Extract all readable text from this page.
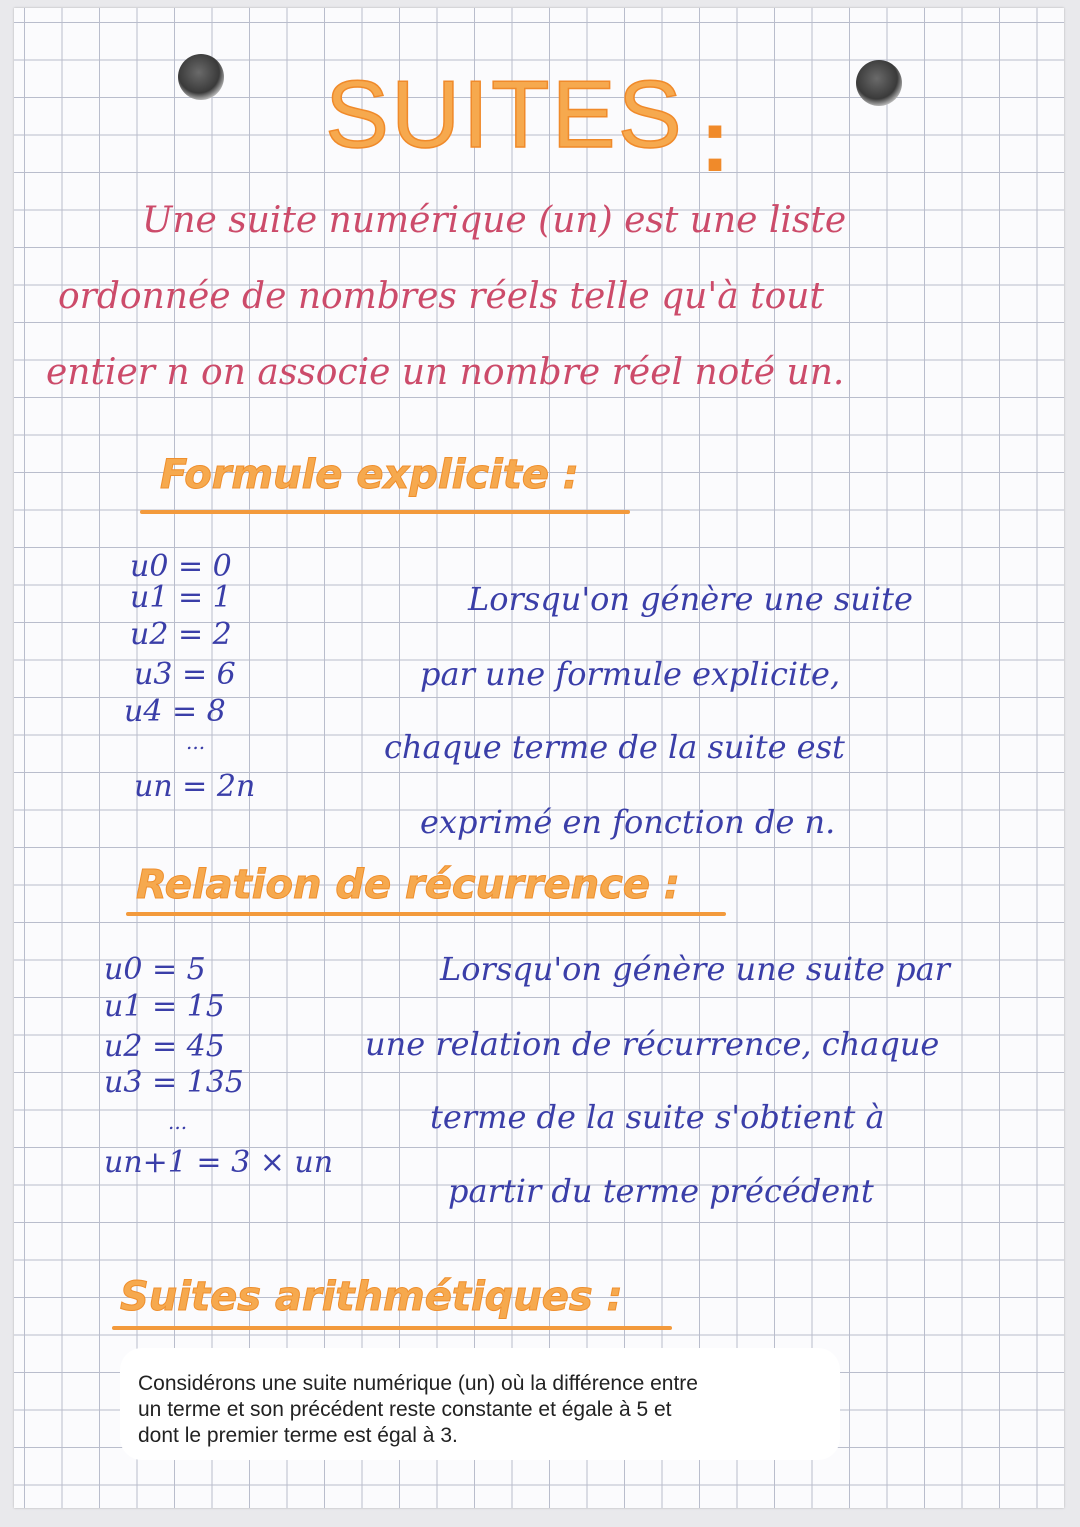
SUITES :

Une suite numérique (un) est une liste

ordonnée de nombres réels telle qu'à tout

entier n on associe un nombre réel noté un.

Formule explicite :

u0 = 0

u1 = 1

u2 = 2

u3 = 6

u4 = 8

...

un = 2n

Lorsqu'on génère une suite

par une formule explicite,

chaque terme de la suite est

exprimé en fonction de n.

Relation de récurrence :

u0 = 5

u1 = 15

u2 = 45

u3 = 135

...

un+1 = 3 × un

Lorsqu'on génère une suite par

une relation de récurrence, chaque

terme de la suite s'obtient à

partir du terme précédent

Suites arithmétiques :

Considérons une suite numérique (un) où la différence entre

un terme et son précédent reste constante et égale à 5 et

dont le premier terme est égal à 3.
